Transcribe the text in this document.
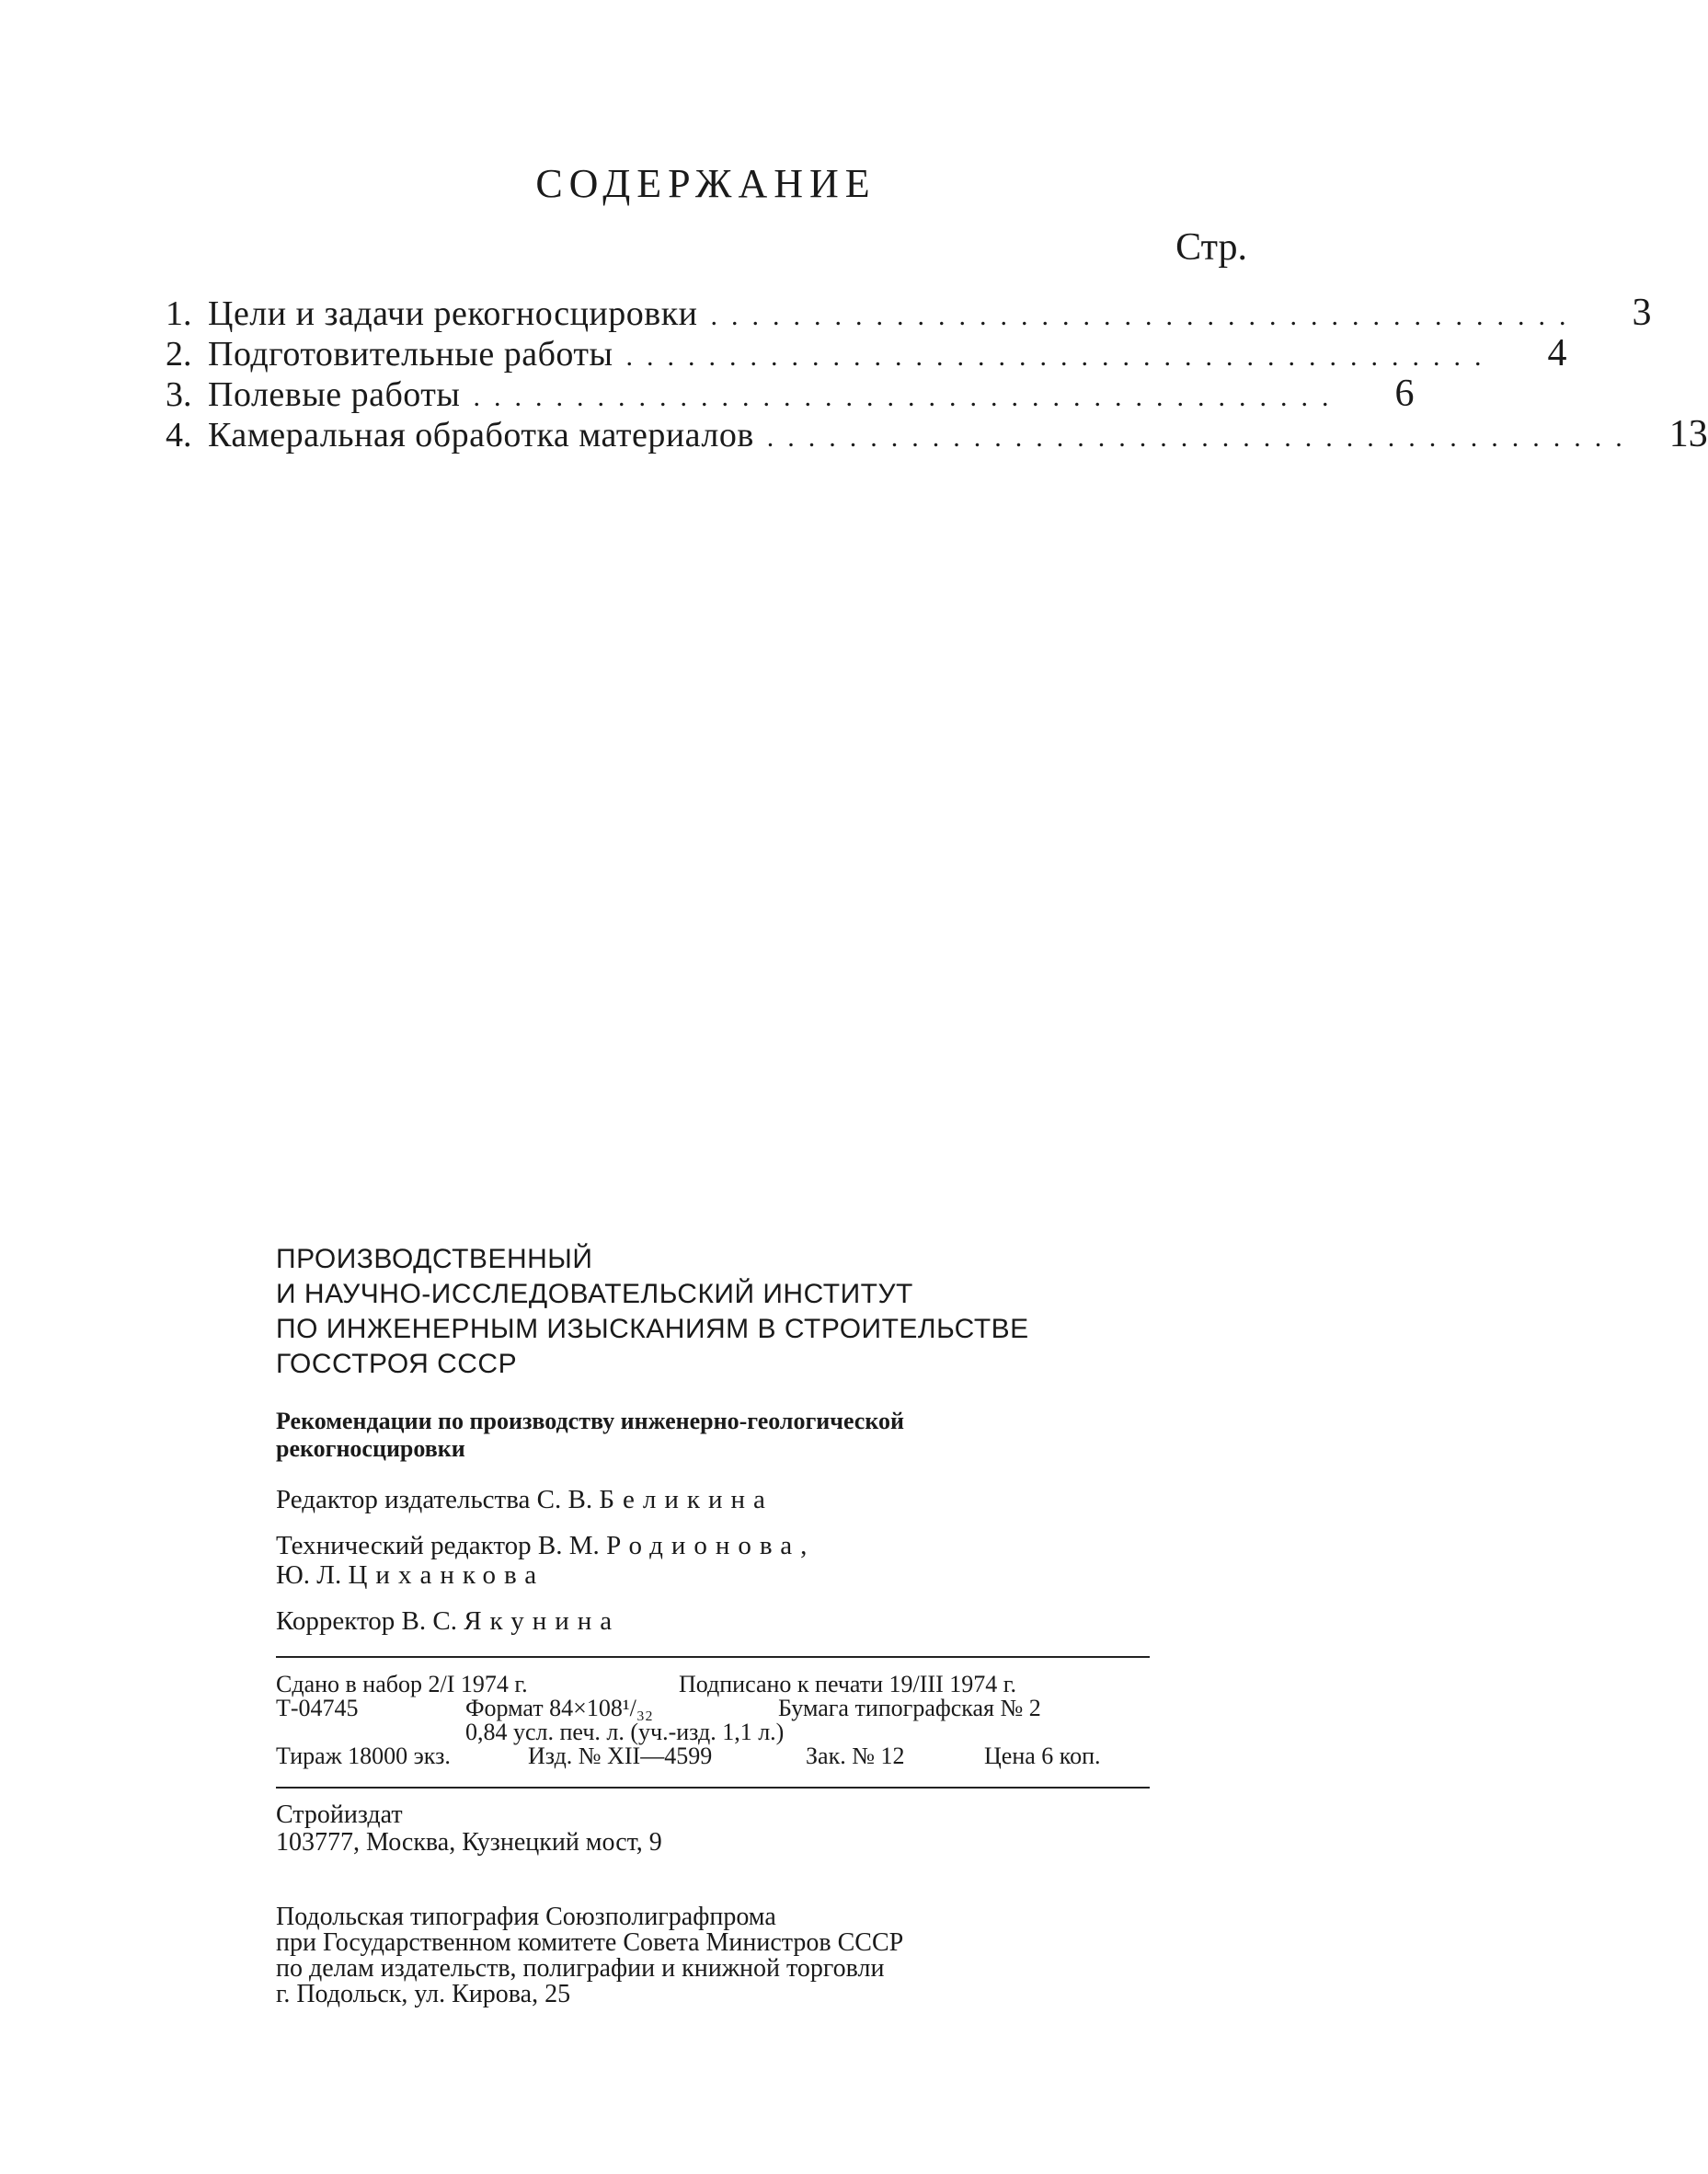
СОДЕРЖАНИЕ
Стр.
1. Цели и задачи рекогносцировки ..........................................	3
2. Подготовительные работы ..........................................	4
3. Полевые работы ..........................................	6
4. Камеральная обработка материалов .......................................... 13
ПРОИЗВОДСТВЕННЫЙ
И НАУЧНО-ИССЛЕДОВАТЕЛЬСКИЙ ИНСТИТУТ
ПО ИНЖЕНЕРНЫМ ИЗЫСКАНИЯМ В СТРОИТЕЛЬСТВЕ
ГОССТРОЯ СССР
Рекомендации по производству инженерно-геологической
рекогносцировки
Редактор издательства С. В. Беликина
Технический редактор В. М. Родионова,
Ю. Л. Цихaнкова
Корректор В. С. Якунина
Сдано в набор 2/I 1974 г.	Подписано к печати 19/III 1974 г.
Т-04745	Формат 84×108¹/₃₂	Бумага типографская № 2
0,84 усл. печ. л. (уч.-изд. 1,1 л.)
Тираж 18000 экз.	Изд. № XII—4599	Зак. № 12	Цена 6 коп.
Стройиздат
103777, Москва, Кузнецкий мост, 9
Подольская типография Союзполиграфпрома
при Государственном комитете Совета Министров СССР
по делам издательств, полиграфии и книжной торговли
г. Подольск, ул. Кирова, 25
